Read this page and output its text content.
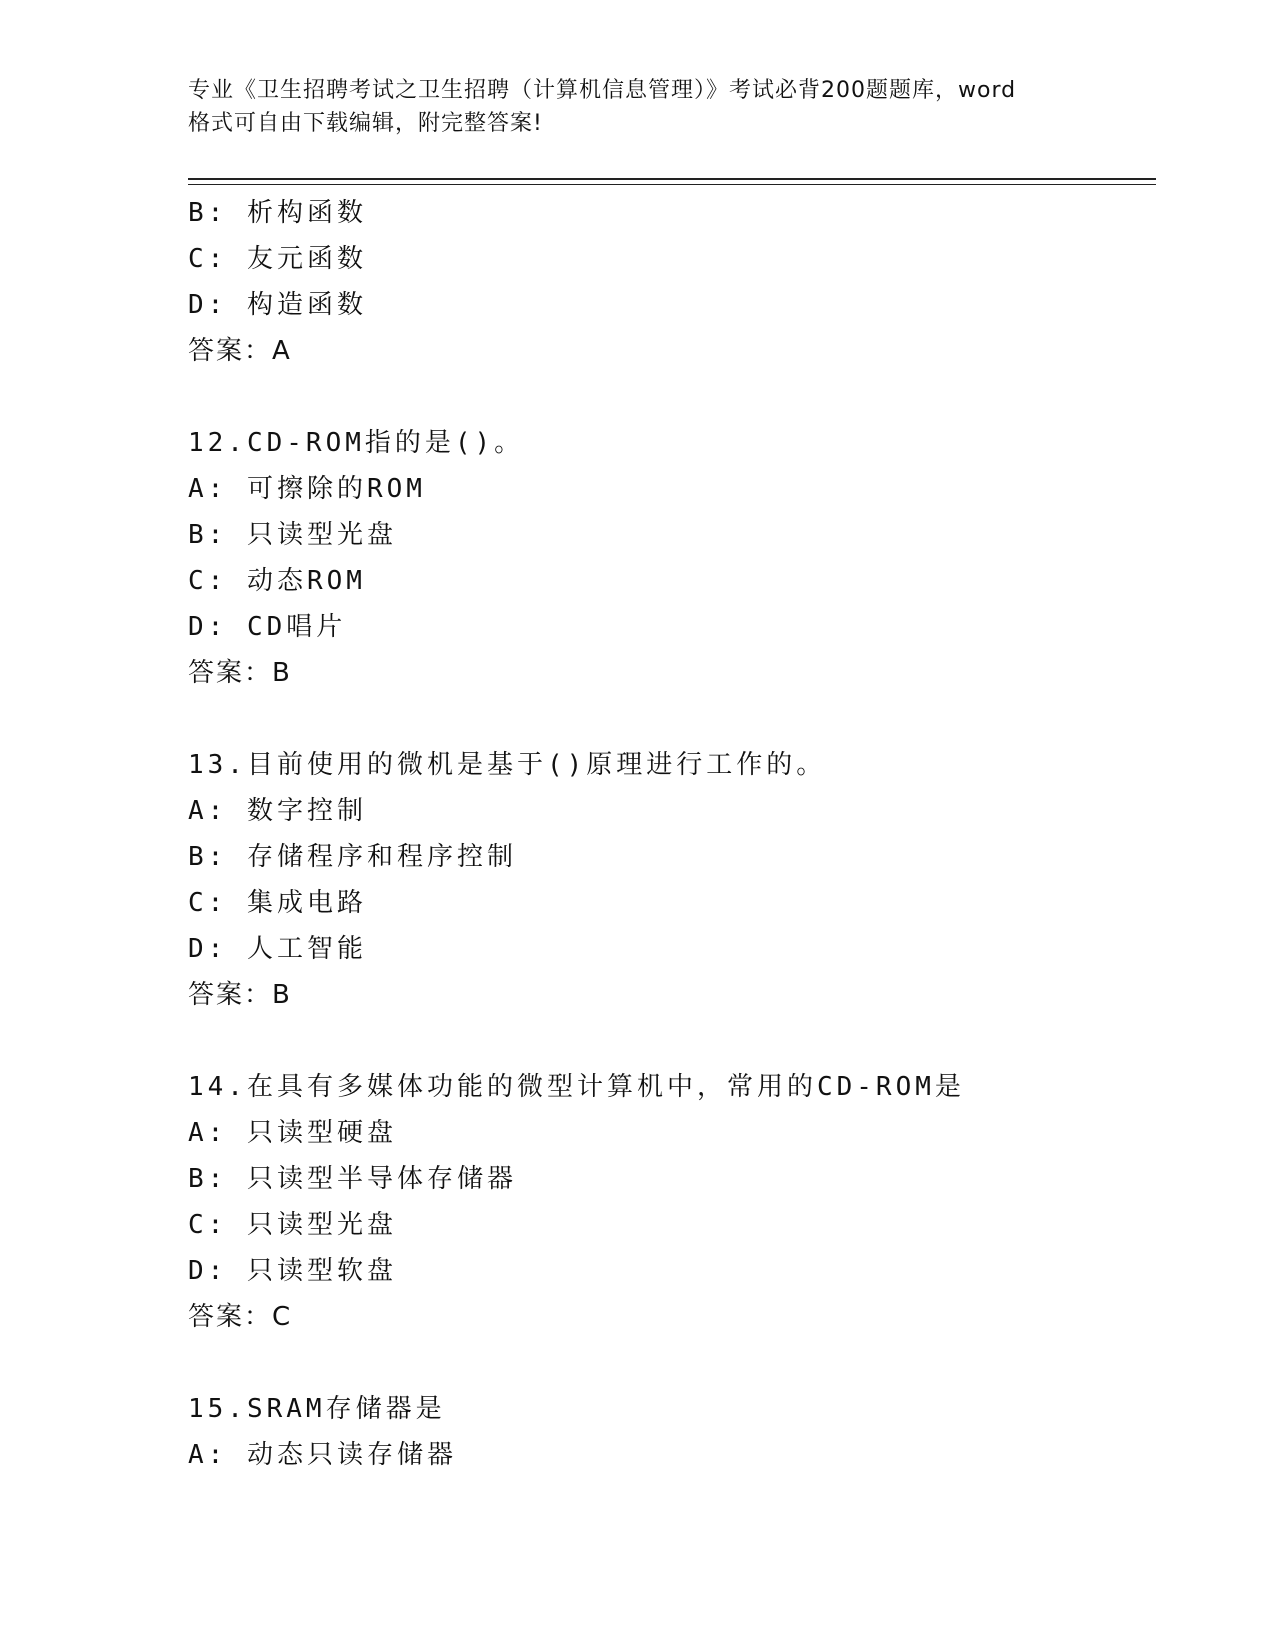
专业《卫生招聘考试之卫生招聘（计算机信息管理）》考试必背200题题库，word
格式可自由下载编辑，附完整答案!
B: 析构函数
C: 友元函数
D: 构造函数
答案：A
12.CD-ROM指的是()。
A: 可擦除的ROM
B: 只读型光盘
C: 动态ROM
D: CD唱片
答案：B
13.目前使用的微机是基于()原理进行工作的。
A: 数字控制
B: 存储程序和程序控制
C: 集成电路
D: 人工智能
答案：B
14.在具有多媒体功能的微型计算机中，常用的CD-ROM是
A: 只读型硬盘
B: 只读型半导体存储器
C: 只读型光盘
D: 只读型软盘
答案：C
15.SRAM存储器是
A: 动态只读存储器
